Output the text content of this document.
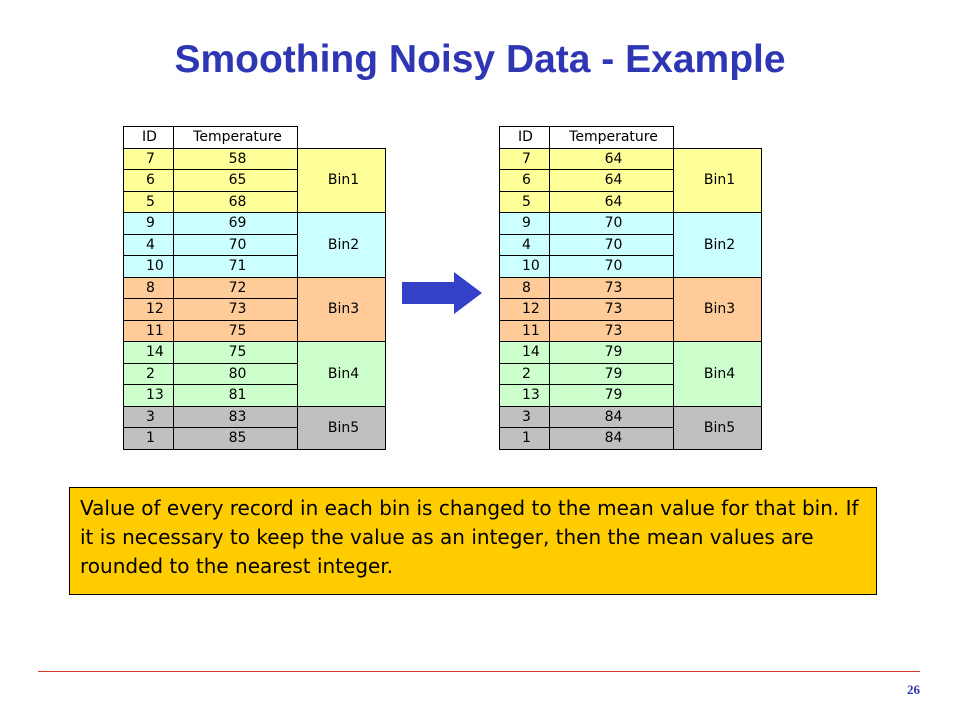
Smoothing Noisy Data - Example
ID	Temperature	
7	58	Bin1
6	65	
5	68	
9	69	Bin2
4	70	
10	71	
8	72	Bin3
12	73	
11	75	
14	75	Bin4
2	80	
13	81	
3	83	Bin5
1	85	
ID	Temperature	
7	64	Bin1
6	64	
5	64	
9	70	Bin2
4	70	
10	70	
8	73	Bin3
12	73	
11	73	
14	79	Bin4
2	79	
13	79	
3	84	Bin5
1	84	
Value of every record in each bin is changed to the mean value for that bin. If it is necessary to keep the value as an integer, then the mean values are rounded to the nearest integer.
26
